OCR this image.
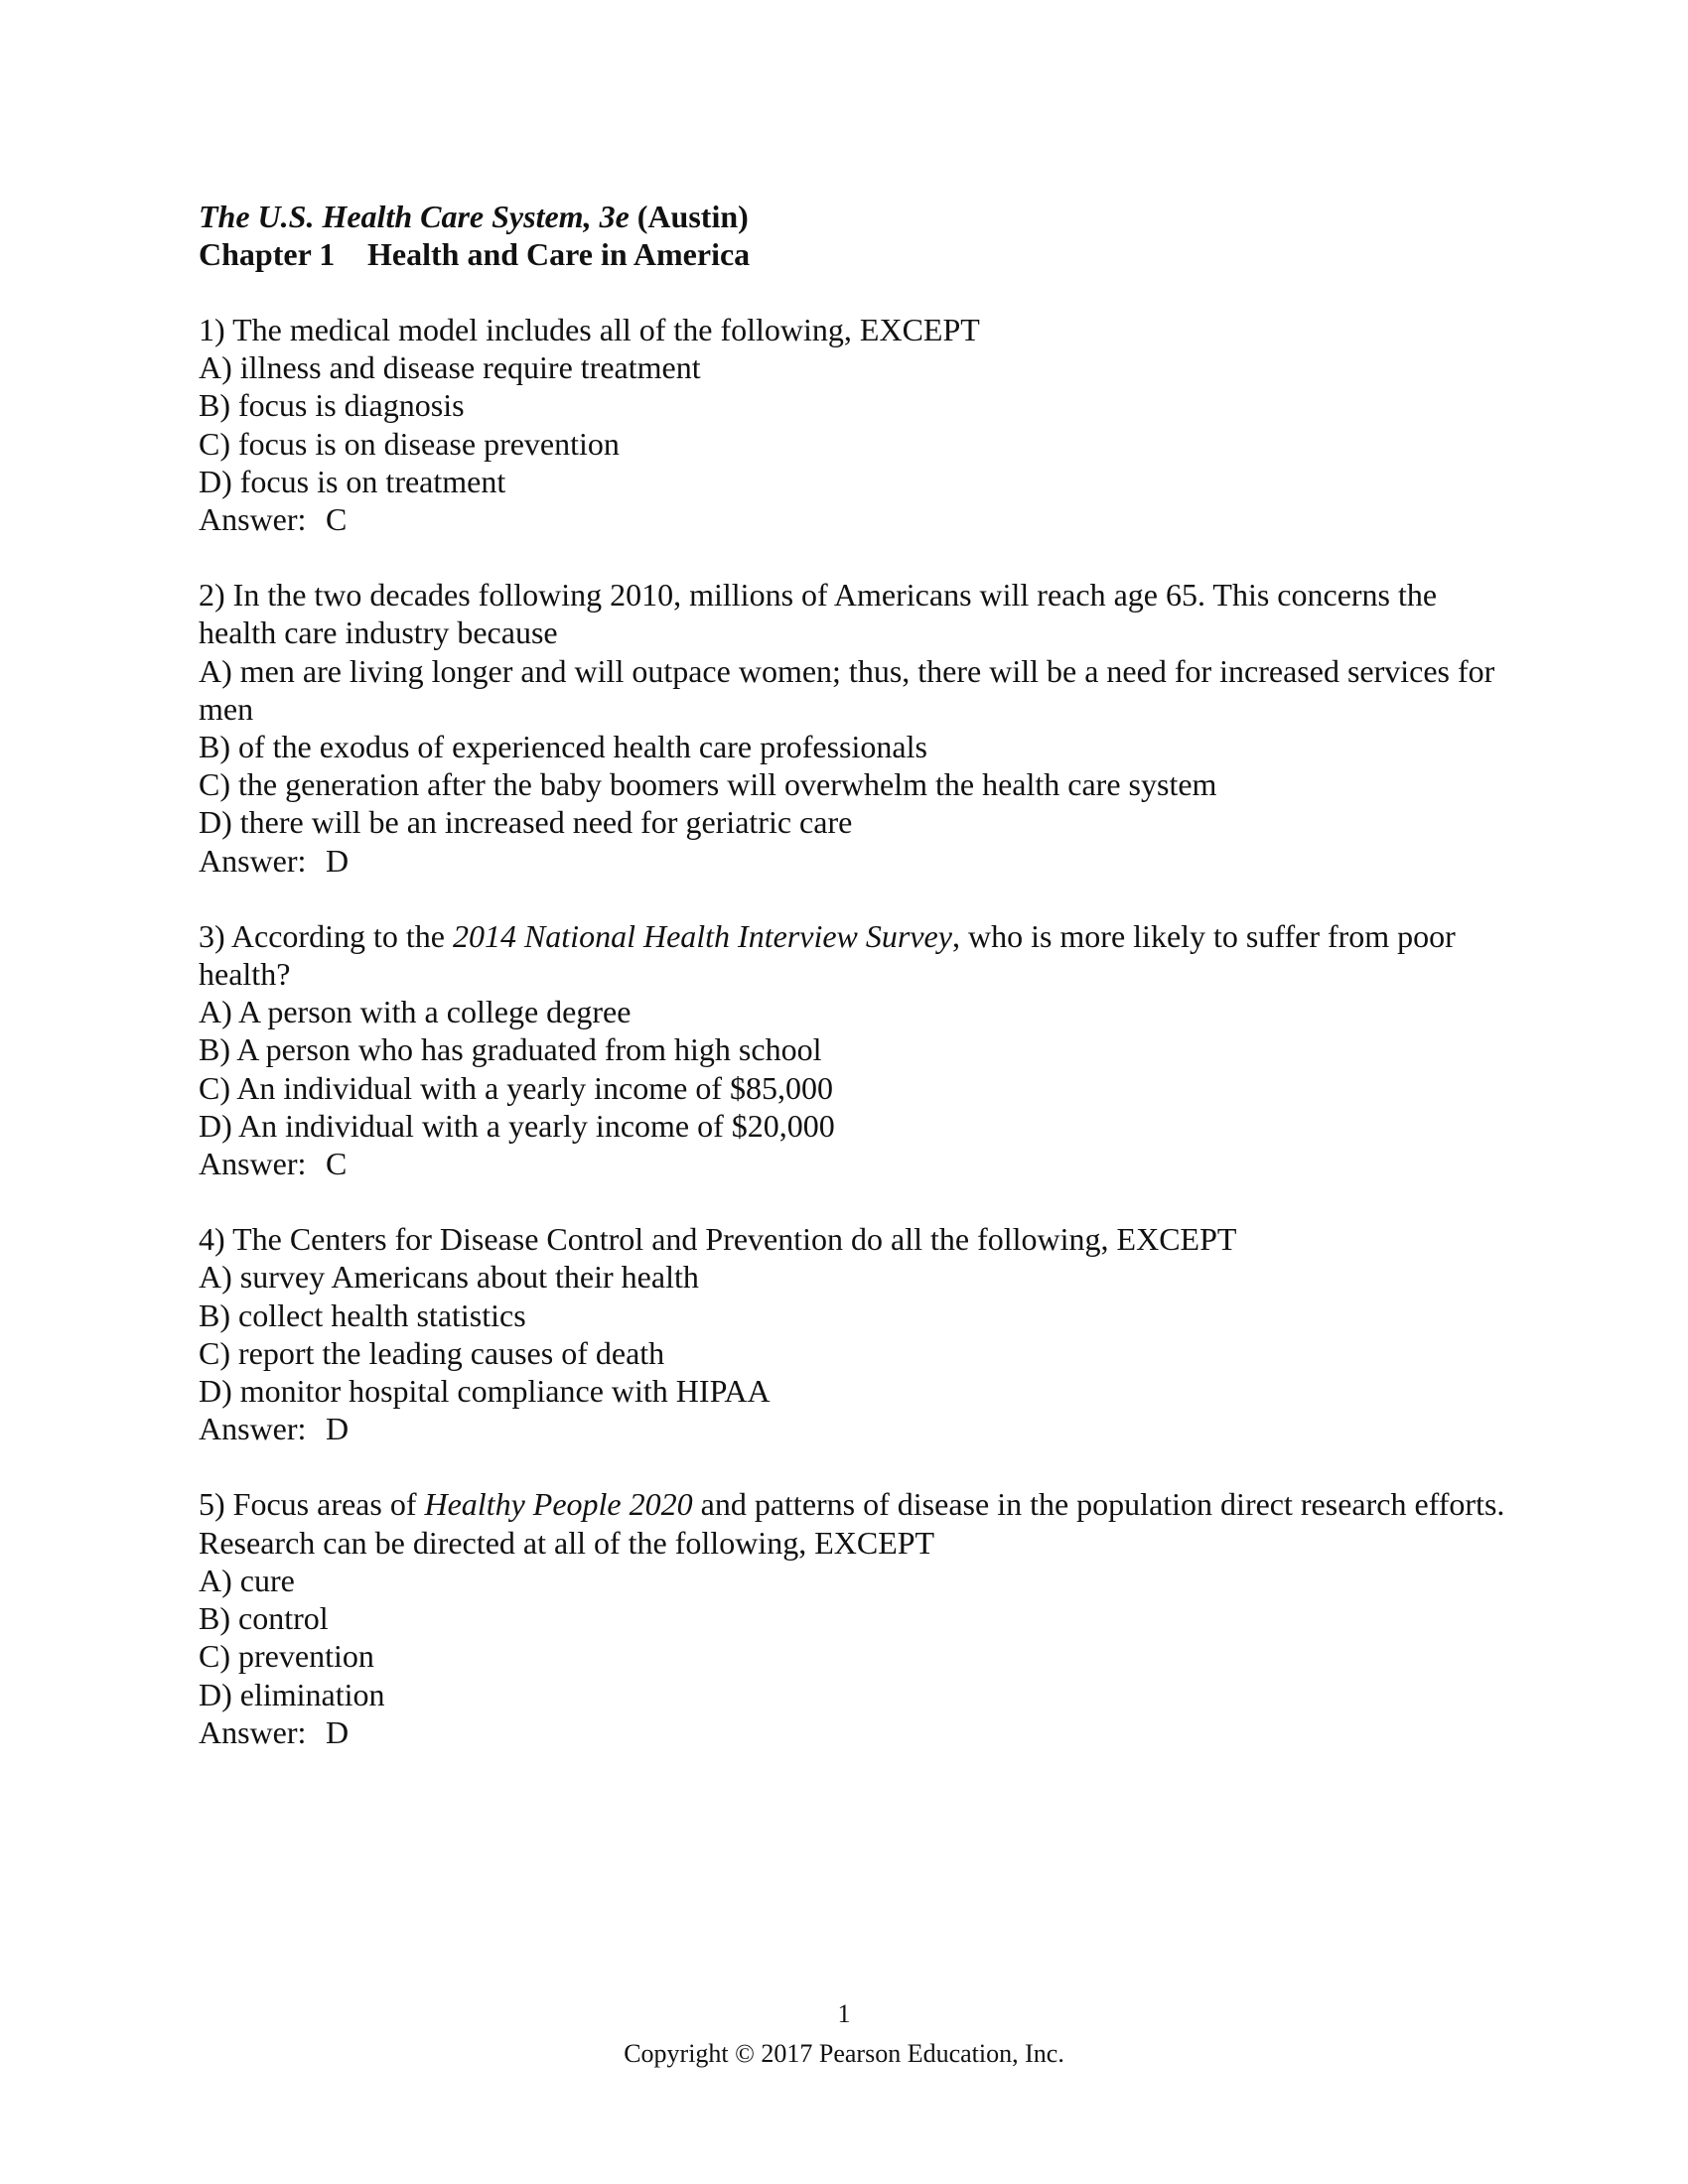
The U.S. Health Care System, 3e (Austin)

Chapter 1 Health and Care in America

1) The medical model includes all of the following, EXCEPT

A) illness and disease require treatment

B) focus is diagnosis

C) focus is on disease prevention

D) focus is on treatment

Answer: C

2) In the two decades following 2010, millions of Americans will reach age 65. This concerns the health care industry because

A) men are living longer and will outpace women; thus, there will be a need for increased services for men

B) of the exodus of experienced health care professionals

C) the generation after the baby boomers will overwhelm the health care system

D) there will be an increased need for geriatric care

Answer: D

3) According to the 2014 National Health Interview Survey, who is more likely to suffer from poor health?

A) A person with a college degree

B) A person who has graduated from high school

C) An individual with a yearly income of $85,000

D) An individual with a yearly income of $20,000

Answer: C

4) The Centers for Disease Control and Prevention do all the following, EXCEPT

A) survey Americans about their health

B) collect health statistics

C) report the leading causes of death

D) monitor hospital compliance with HIPAA

Answer: D

5) Focus areas of Healthy People 2020 and patterns of disease in the population direct research efforts. Research can be directed at all of the following, EXCEPT

A) cure

B) control

C) prevention

D) elimination

Answer: D

1
Copyright © 2017 Pearson Education, Inc.
